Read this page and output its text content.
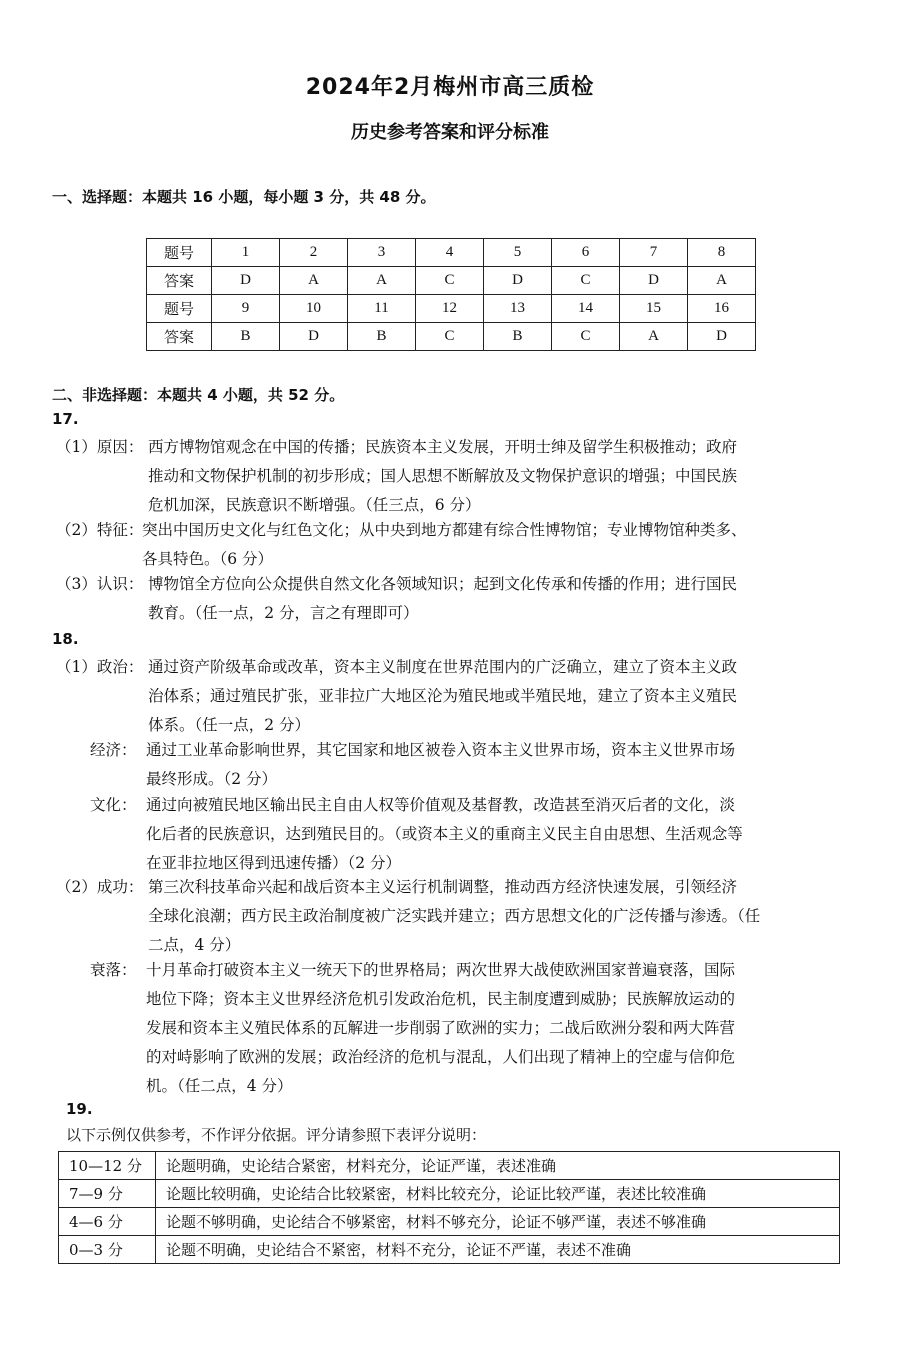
2024年2月梅州市高三质检
历史参考答案和评分标准
一、选择题：本题共 16 小题，每小题 3 分，共 48 分。
题号	1	2	3	4	5	6	7	8
答案	D	A	A	C	D	C	D	A
题号	9	10	11	12	13	14	15	16
答案	B	D	B	C	B	C	A	D
二、非选择题：本题共 4 小题，共 52 分。
17.
（1）原因： 西方博物馆观念在中国的传播；民族资本主义发展，开明士绅及留学生积极推动；政府
推动和文物保护机制的初步形成；国人思想不断解放及文物保护意识的增强；中国民族
危机加深，民族意识不断增强。（任三点，6 分）
（2）特征：
突出中国历史文化与红色文化；从中央到地方都建有综合性博物馆；专业博物馆种类多、
各具特色。（6 分）
（3）认识： 博物馆全方位向公众提供自然文化各领域知识；起到文化传承和传播的作用；进行国民
教育。（任一点，2 分，言之有理即可）
18.
（1）政治： 通过资产阶级革命或改革，资本主义制度在世界范围内的广泛确立，建立了资本主义政
治体系；通过殖民扩张，亚非拉广大地区沦为殖民地或半殖民地，建立了资本主义殖民
体系。（任一点，2 分）
经济： 通过工业革命影响世界，其它国家和地区被卷入资本主义世界市场，资本主义世界市场
最终形成。（2 分）
文化： 通过向被殖民地区输出民主自由人权等价值观及基督教，改造甚至消灭后者的文化，淡
化后者的民族意识，达到殖民目的。（或资本主义的重商主义民主自由思想、生活观念等
在亚非拉地区得到迅速传播）（2 分）
（2）成功： 第三次科技革命兴起和战后资本主义运行机制调整，推动西方经济快速发展，引领经济
全球化浪潮；西方民主政治制度被广泛实践并建立；西方思想文化的广泛传播与渗透。（任
二点，4 分）
衰落： 十月革命打破资本主义一统天下的世界格局；两次世界大战使欧洲国家普遍衰落，国际
地位下降；资本主义世界经济危机引发政治危机，民主制度遭到威胁；民族解放运动的
发展和资本主义殖民体系的瓦解进一步削弱了欧洲的实力；二战后欧洲分裂和两大阵营
的对峙影响了欧洲的发展；政治经济的危机与混乱，人们出现了精神上的空虚与信仰危
机。（任二点，4 分）
19.
以下示例仅供参考，不作评分依据。评分请参照下表评分说明：
10—12 分	论题明确，史论结合紧密，材料充分，论证严谨，表述准确
7—9 分	论题比较明确，史论结合比较紧密，材料比较充分，论证比较严谨，表述比较准确
4—6 分	论题不够明确，史论结合不够紧密，材料不够充分，论证不够严谨，表述不够准确
0—3 分	论题不明确，史论结合不紧密，材料不充分，论证不严谨，表述不准确
